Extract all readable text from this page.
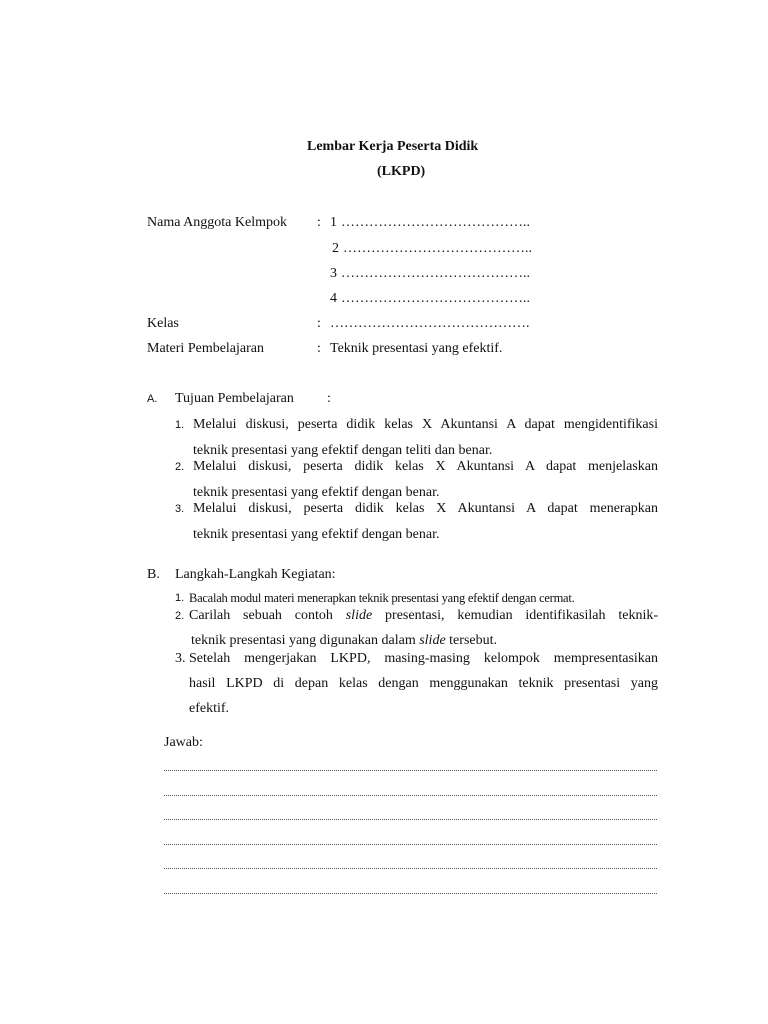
Lembar Kerja Peserta Didik
(LKPD)
Nama Anggota Kelmpok : 1 …………………………………..
2 …………………………………..
3 …………………………………..
4 …………………………………..
Kelas	: …………………………………….
Materi Pembelajaran	: Teknik presentasi yang efektif.
A. Tujuan Pembelajaran :
1. Melalui diskusi, peserta didik kelas X Akuntansi A dapat mengidentifikasi
teknik presentasi yang efektif dengan teliti dan benar.
2. Melalui diskusi, peserta didik kelas X Akuntansi A dapat menjelaskan
teknik presentasi yang efektif dengan benar.
3. Melalui diskusi, peserta didik kelas X Akuntansi A dapat menerapkan
teknik presentasi yang efektif dengan benar.
B. Langkah-Langkah Kegiatan:
1. Bacalah modul materi menerapkan teknik presentasi yang efektif dengan cermat.
2. Carilah sebuah contoh slide presentasi, kemudian identifikasilah teknik-
teknik presentasi yang digunakan dalam slide tersebut.
3. Setelah mengerjakan LKPD, masing-masing kelompok mempresentasikan
hasil LKPD di depan kelas dengan menggunakan teknik presentasi yang
efektif.
Jawab:
